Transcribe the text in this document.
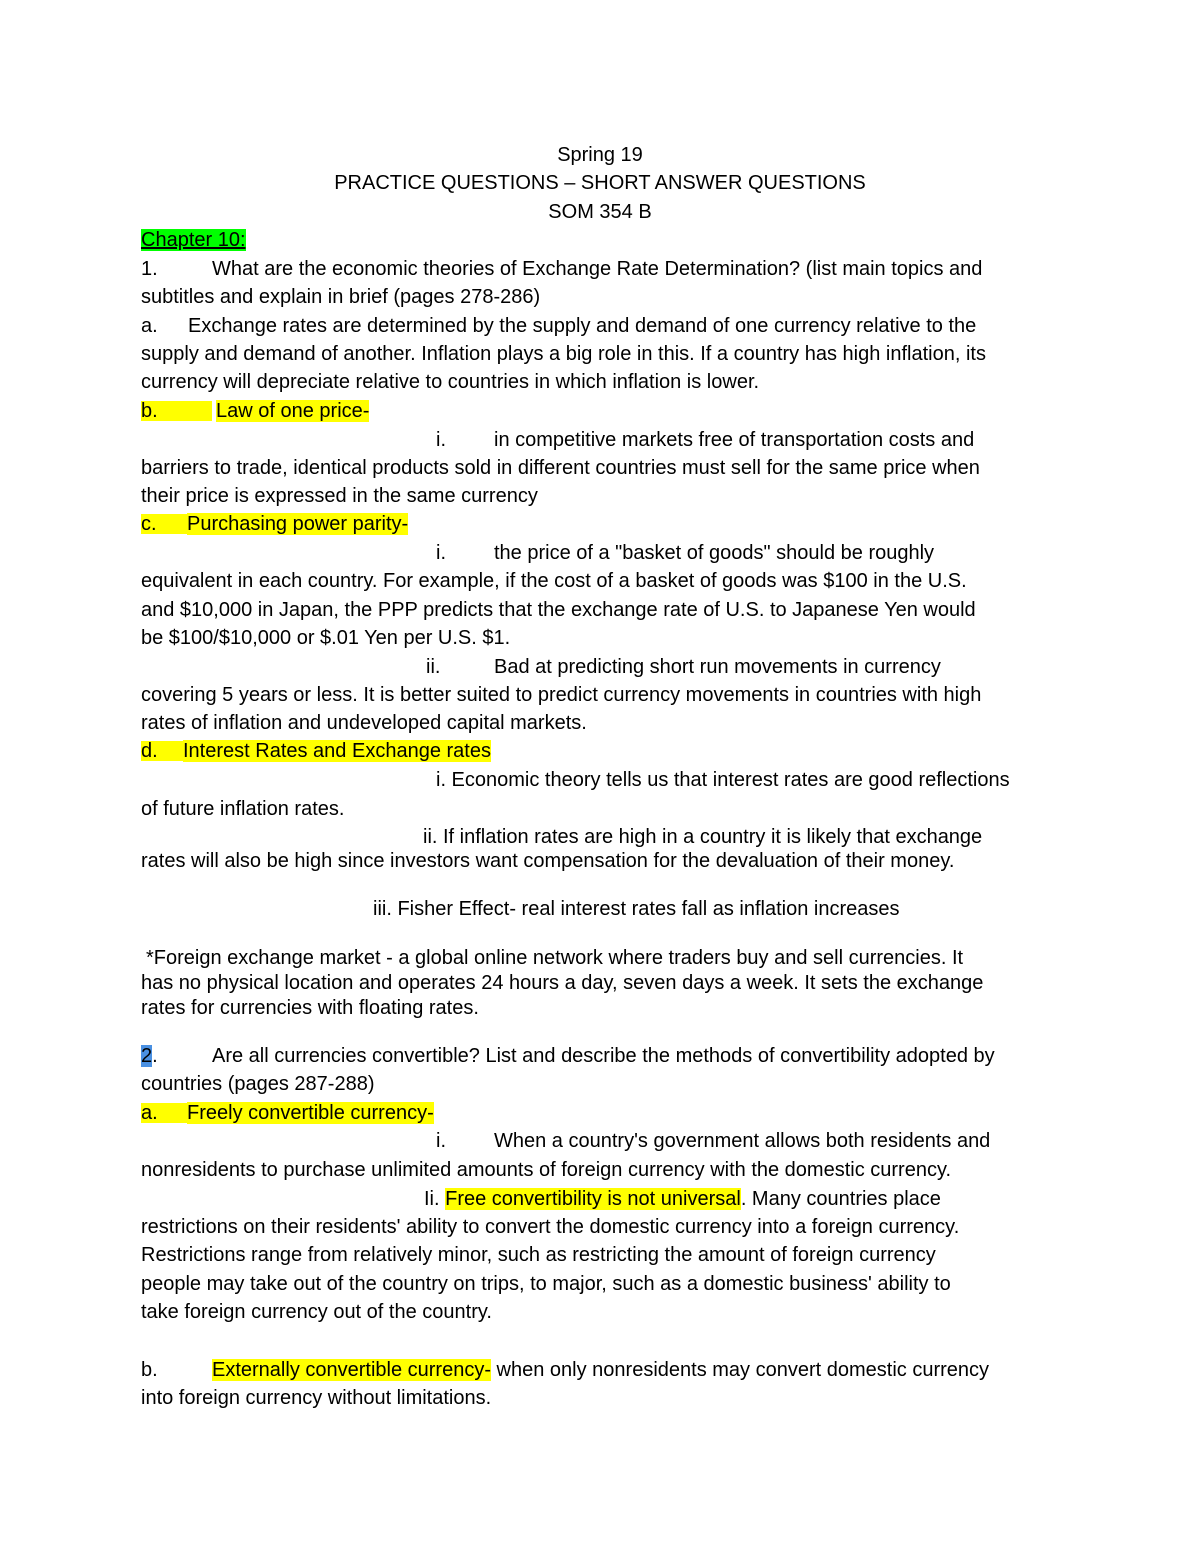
Spring 19
PRACTICE QUESTIONS – SHORT ANSWER QUESTIONS
SOM 354 B
Chapter 10:
1.	What are the economic theories of Exchange Rate Determination? (list main topics and
subtitles and explain in brief (pages 278-286)
a. Exchange rates are determined by the supply and demand of one currency relative to the
supply and demand of another. Inflation plays a big role in this. If a country has high inflation, its
currency will depreciate relative to countries in which inflation is lower.
b.	Law of one price-
i. in competitive markets free of transportation costs and
barriers to trade, identical products sold in different countries must sell for the same price when
their price is expressed in the same currency
c.	Purchasing power parity-
i. the price of a "basket of goods" should be roughly
equivalent in each country. For example, if the cost of a basket of goods was $100 in the U.S.
and $10,000 in Japan, the PPP predicts that the exchange rate of U.S. to Japanese Yen would
be $100/$10,000 or $.01 Yen per U.S. $1.
ii.	Bad at predicting short run movements in currency
covering 5 years or less. It is better suited to predict currency movements in countries with high
rates of inflation and undeveloped capital markets.
d.	Interest Rates and Exchange rates
i. Economic theory tells us that interest rates are good reflections
of future inflation rates.
ii. If inflation rates are high in a country it is likely that exchange
rates will also be high since investors want compensation for the devaluation of their money.
iii. Fisher Effect- real interest rates fall as inflation increases
*Foreign exchange market - a global online network where traders buy and sell currencies. It
has no physical location and operates 24 hours a day, seven days a week. It sets the exchange
rates for currencies with floating rates.
2.	Are all currencies convertible? List and describe the methods of convertibility adopted by
countries (pages 287-288)
a.	Freely convertible currency-
i. When a country's government allows both residents and
nonresidents to purchase unlimited amounts of foreign currency with the domestic currency.
Ii. Free convertibility is not universal. Many countries place
restrictions on their residents' ability to convert the domestic currency into a foreign currency.
Restrictions range from relatively minor, such as restricting the amount of foreign currency
people may take out of the country on trips, to major, such as a domestic business' ability to
take foreign currency out of the country.
b.	Externally convertible currency- when only nonresidents may convert domestic currency
into foreign currency without limitations.
